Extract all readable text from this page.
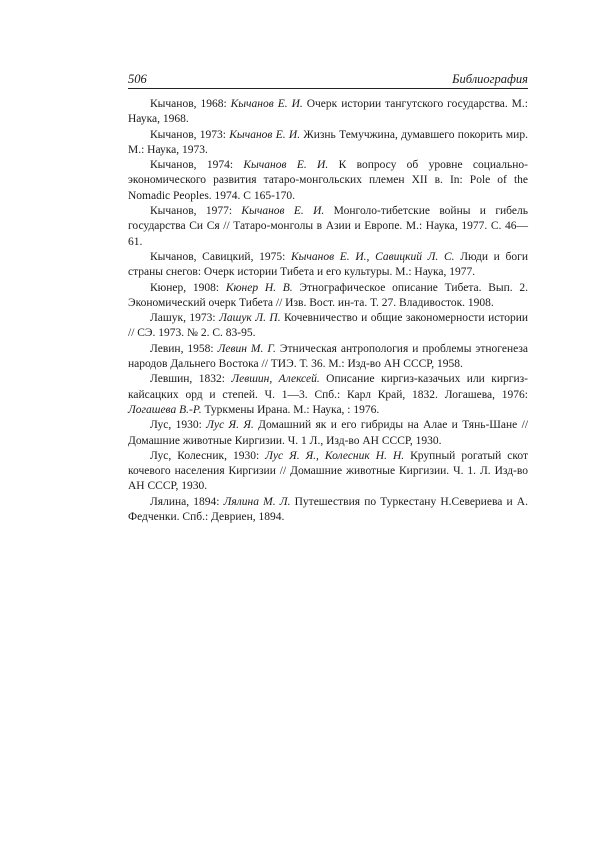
506	Библиография

Кычанов, 1968: Кычанов Е. И. Очерк истории тангутского государства. М.: Наука, 1968.

Кычанов, 1973: Кычанов Е. И. Жизнь Темучжина, думавшего покорить мир. М.: Наука, 1973.

Кычанов, 1974: Кычанов Е. И. К вопросу об уровне социально-экономического развития татаро-монгольских племен XII в. In: Pole of the Nomadic Peoples. 1974. С 165-170.

Кычанов, 1977: Кычанов Е. И. Монголо-тибетские войны и гибель государства Си Ся // Татаро-монголы в Азии и Европе. М.: Наука, 1977. С. 46—61.

Кычанов, Савицкий, 1975: Кычанов Е. И., Савицкий Л. С. Люди и боги страны снегов: Очерк истории Тибета и его культуры. М.: Наука, 1977.

Кюнер, 1908: Кюнер Н. В. Этнографическое описание Тибета. Вып. 2. Экономический очерк Тибета // Изв. Вост. ин-та. Т. 27. Владивосток. 1908.

Лашук, 1973: Лашук Л. П. Кочевничество и общие закономерности истории // СЭ. 1973. № 2. С. 83-95.

Левин, 1958: Левин М. Г. Этническая антропология и проблемы этногенеза народов Дальнего Востока // ТИЭ. Т. 36. М.: Изд-во АН СССР, 1958.

Левшин, 1832: Левшин, Алексей. Описание киргиз-казачьих или киргиз-кайсацких орд и степей. Ч. 1—3. Спб.: Карл Край, 1832. Логашева, 1976: Логашева В.-Р. Туркмены Ирана. М.: Наука, : 1976.

Лус, 1930: Лус Я. Я. Домашний як и его гибриды на Алае и Тянь-Шане // Домашние животные Киргизии. Ч. 1 Л., Изд-во АН СССР, 1930.

Лус, Колесник, 1930: Лус Я. Я., Колесник Н. Н. Крупный рогатый скот кочевого населения Киргизии // Домашние животные Киргизии. Ч. 1. Л. Изд-во АН СССР, 1930.

Лялина, 1894: Лялина М. Л. Путешествия по Туркестану Н.Севериева и А. Федченки. Спб.: Девриен, 1894.
